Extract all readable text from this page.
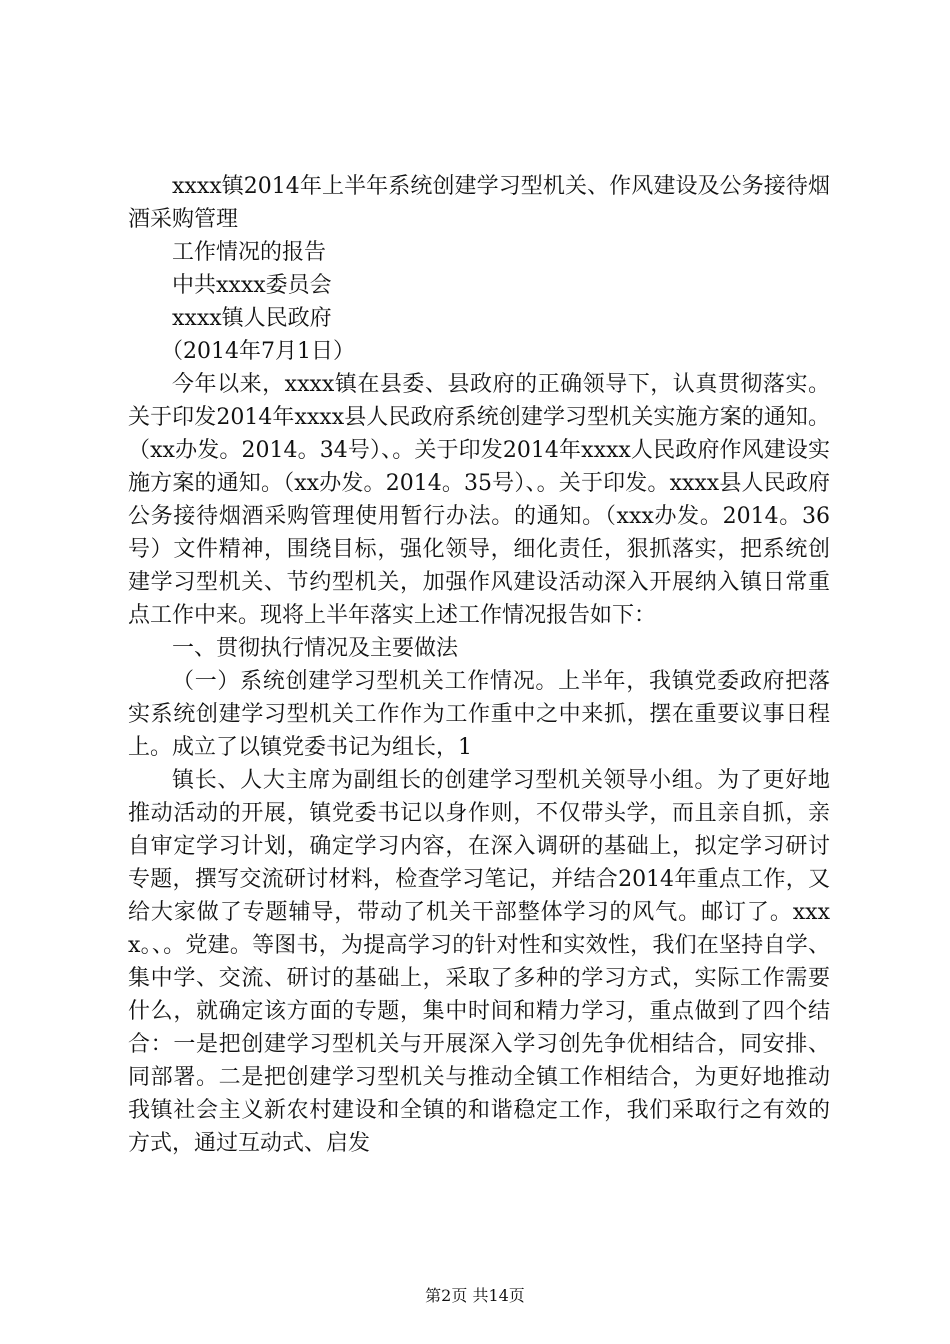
xxxx镇2014年上半年系统创建学习型机关、作风建设及公务接待烟酒采购管理

工作情况的报告

中共xxxx委员会

xxxx镇人民政府

（2014年7月1日）

今年以来，xxxx镇在县委、县政府的正确领导下，认真贯彻落实。关于印发2014年xxxx县人民政府系统创建学习型机关实施方案的通知。（xx办发。2014。34号）、。关于印发2014年xxxx人民政府作风建设实施方案的通知。（xx办发。2014。35号）、。关于印发。xxxx县人民政府公务接待烟酒采购管理使用暂行办法。的通知。（xxx办发。2014。36号）文件精神，围绕目标，强化领导，细化责任，狠抓落实，把系统创建学习型机关、节约型机关，加强作风建设活动深入开展纳入镇日常重点工作中来。现将上半年落实上述工作情况报告如下：

一、贯彻执行情况及主要做法

（一）系统创建学习型机关工作情况。上半年，我镇党委政府把落实系统创建学习型机关工作作为工作重中之中来抓，摆在重要议事日程上。成立了以镇党委书记为组长，1

镇长、人大主席为副组长的创建学习型机关领导小组。为了更好地推动活动的开展，镇党委书记以身作则，不仅带头学，而且亲自抓，亲自审定学习计划，确定学习内容，在深入调研的基础上，拟定学习研讨专题，撰写交流研讨材料，检查学习笔记，并结合2014年重点工作，又给大家做了专题辅导，带动了机关干部整体学习的风气。邮订了。xxxx。、。党建。等图书，为提高学习的针对性和实效性，我们在坚持自学、集中学、交流、研讨的基础上，采取了多种的学习方式，实际工作需要什么，就确定该方面的专题，集中时间和精力学习，重点做到了四个结合：一是把创建学习型机关与开展深入学习创先争优相结合，同安排、同部署。二是把创建学习型机关与推动全镇工作相结合，为更好地推动我镇社会主义新农村建设和全镇的和谐稳定工作，我们采取行之有效的方式，通过互动式、启发

第2页 共14页
